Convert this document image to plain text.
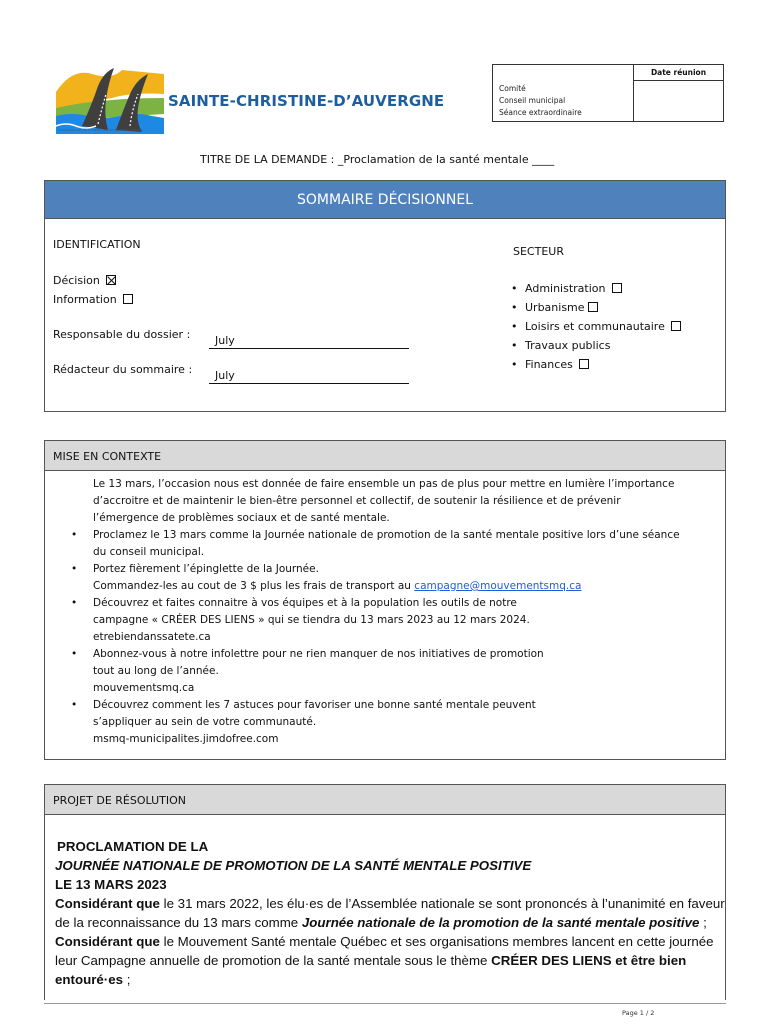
MUNICIPALITÉ DE SAINTE-CHRISTINE-D'AUVERGNE
SAINTE-CHRISTINE-D’AUVERGNE
Date réunion
Comité
Conseil municipal
Séance extraordinaire
TITRE DE LA DEMANDE : _Proclamation de la santé mentale ____
SOMMAIRE DÉCISIONNEL
IDENTIFICATION
Décision
Information
Responsable du dossier :	July
Rédacteur du sommaire :	July
SECTEUR
• Administration
• Urbanisme
• Loisirs et communautaire
• Travaux publics
• Finances
MISE EN CONTEXTE
Le 13 mars, l’occasion nous est donnée de faire ensemble un pas de plus pour mettre en lumière l’importance
d’accroitre et de maintenir le bien-être personnel et collectif, de soutenir la résilience et de prévenir
l’émergence de problèmes sociaux et de santé mentale.
• Proclamez le 13 mars comme la Journée nationale de promotion de la santé mentale positive lors d’une séance
du conseil municipal.
• Portez fièrement l’épinglette de la Journée.
Commandez-les au cout de 3 $ plus les frais de transport au campagne@mouvementsmq.ca
• Découvrez et faites connaitre à vos équipes et à la population les outils de notre
campagne « CRÉER DES LIENS » qui se tiendra du 13 mars 2023 au 12 mars 2024.
etrebiendanssatete.ca
• Abonnez-vous à notre infolettre pour ne rien manquer de nos initiatives de promotion
tout au long de l’année.
mouvementsmq.ca
• Découvrez comment les 7 astuces pour favoriser une bonne santé mentale peuvent
s’appliquer au sein de votre communauté.
msmq-municipalites.jimdofree.com
PROJET DE RÉSOLUTION
PROCLAMATION DE LA
JOURNÉE NATIONALE DE PROMOTION DE LA SANTÉ MENTALE POSITIVE
LE 13 MARS 2023
Considérant que le 31 mars 2022, les élu·es de l’Assemblée nationale se sont prononcés à l’unanimité en faveur de la reconnaissance du 13 mars comme Journée nationale de la promotion de la santé mentale positive ;
Considérant que le Mouvement Santé mentale Québec et ses organisations membres lancent en cette journée leur Campagne annuelle de promotion de la santé mentale sous le thème CRÉER DES LIENS et être bien entouré·es ;
Page 1 / 2
